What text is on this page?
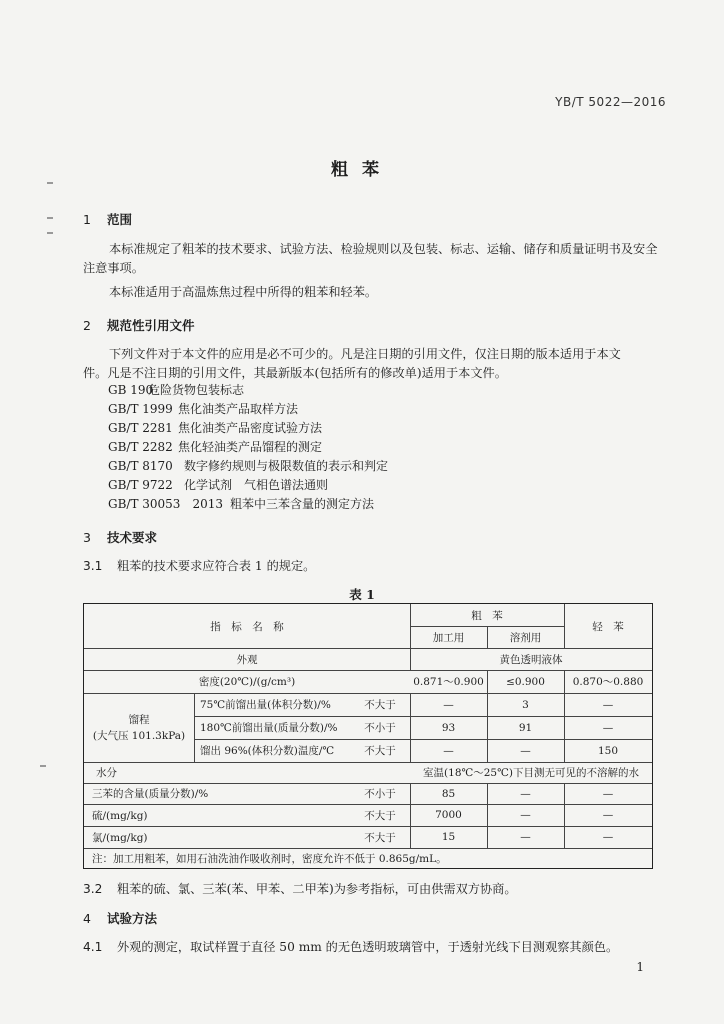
YB/T 5022—2016
粗苯
1 范围
本标准规定了粗苯的技术要求、试验方法、检验规则以及包装、标志、运输、储存和质量证明书及安全
注意事项。
本标准适用于高温炼焦过程中所得的粗苯和轻苯。
2 规范性引用文件
下列文件对于本文件的应用是必不可少的。凡是注日期的引用文件，仅注日期的版本适用于本文
件。凡是不注日期的引用文件，其最新版本(包括所有的修改单)适用于本文件。
GB 190危险货物包装标志
GB/T 1999 焦化油类产品取样方法
GB/T 2281 焦化油类产品密度试验方法
GB/T 2282 焦化轻油类产品馏程的测定
GB/T 8170 数字修约规则与极限数值的表示和判定
GB/T 9722 化学试剂　气相色谱法通则
GB/T 30053　2013 粗苯中三苯含量的测定方法
3 技术要求
3.1 粗苯的技术要求应符合表 1 的规定。
表 1
指　标　名　称
粗　苯
加工用	溶剂用
轻　苯
外观	黄色透明液体
密度(20℃)/(g/cm³)	0.871～0.900	≤0.900	0.870～0.880
馏程
(大气压 101.3kPa)
75℃前馏出量(体积分数)/%	不大于	—	3	—
180℃前馏出量(质量分数)/%	不小于	93	91	—
馏出 96%(体积分数)温度/℃	不大于	—	—	150
水分	室温(18℃～25℃)下目测无可见的不溶解的水
三苯的含量(质量分数)/%	不小于	85	—	—
硫/(mg/kg)	不大于	7000	—	—
氯/(mg/kg)	不大于	15	—	—
注：加工用粗苯，如用石油洗油作吸收剂时，密度允许不低于 0.865g/mL。
3.2 粗苯的硫、氯、三苯(苯、甲苯、二甲苯)为参考指标，可由供需双方协商。
4 试验方法
4.1 外观的测定，取试样置于直径 50 mm 的无色透明玻璃管中，于透射光线下目测观察其颜色。
1
